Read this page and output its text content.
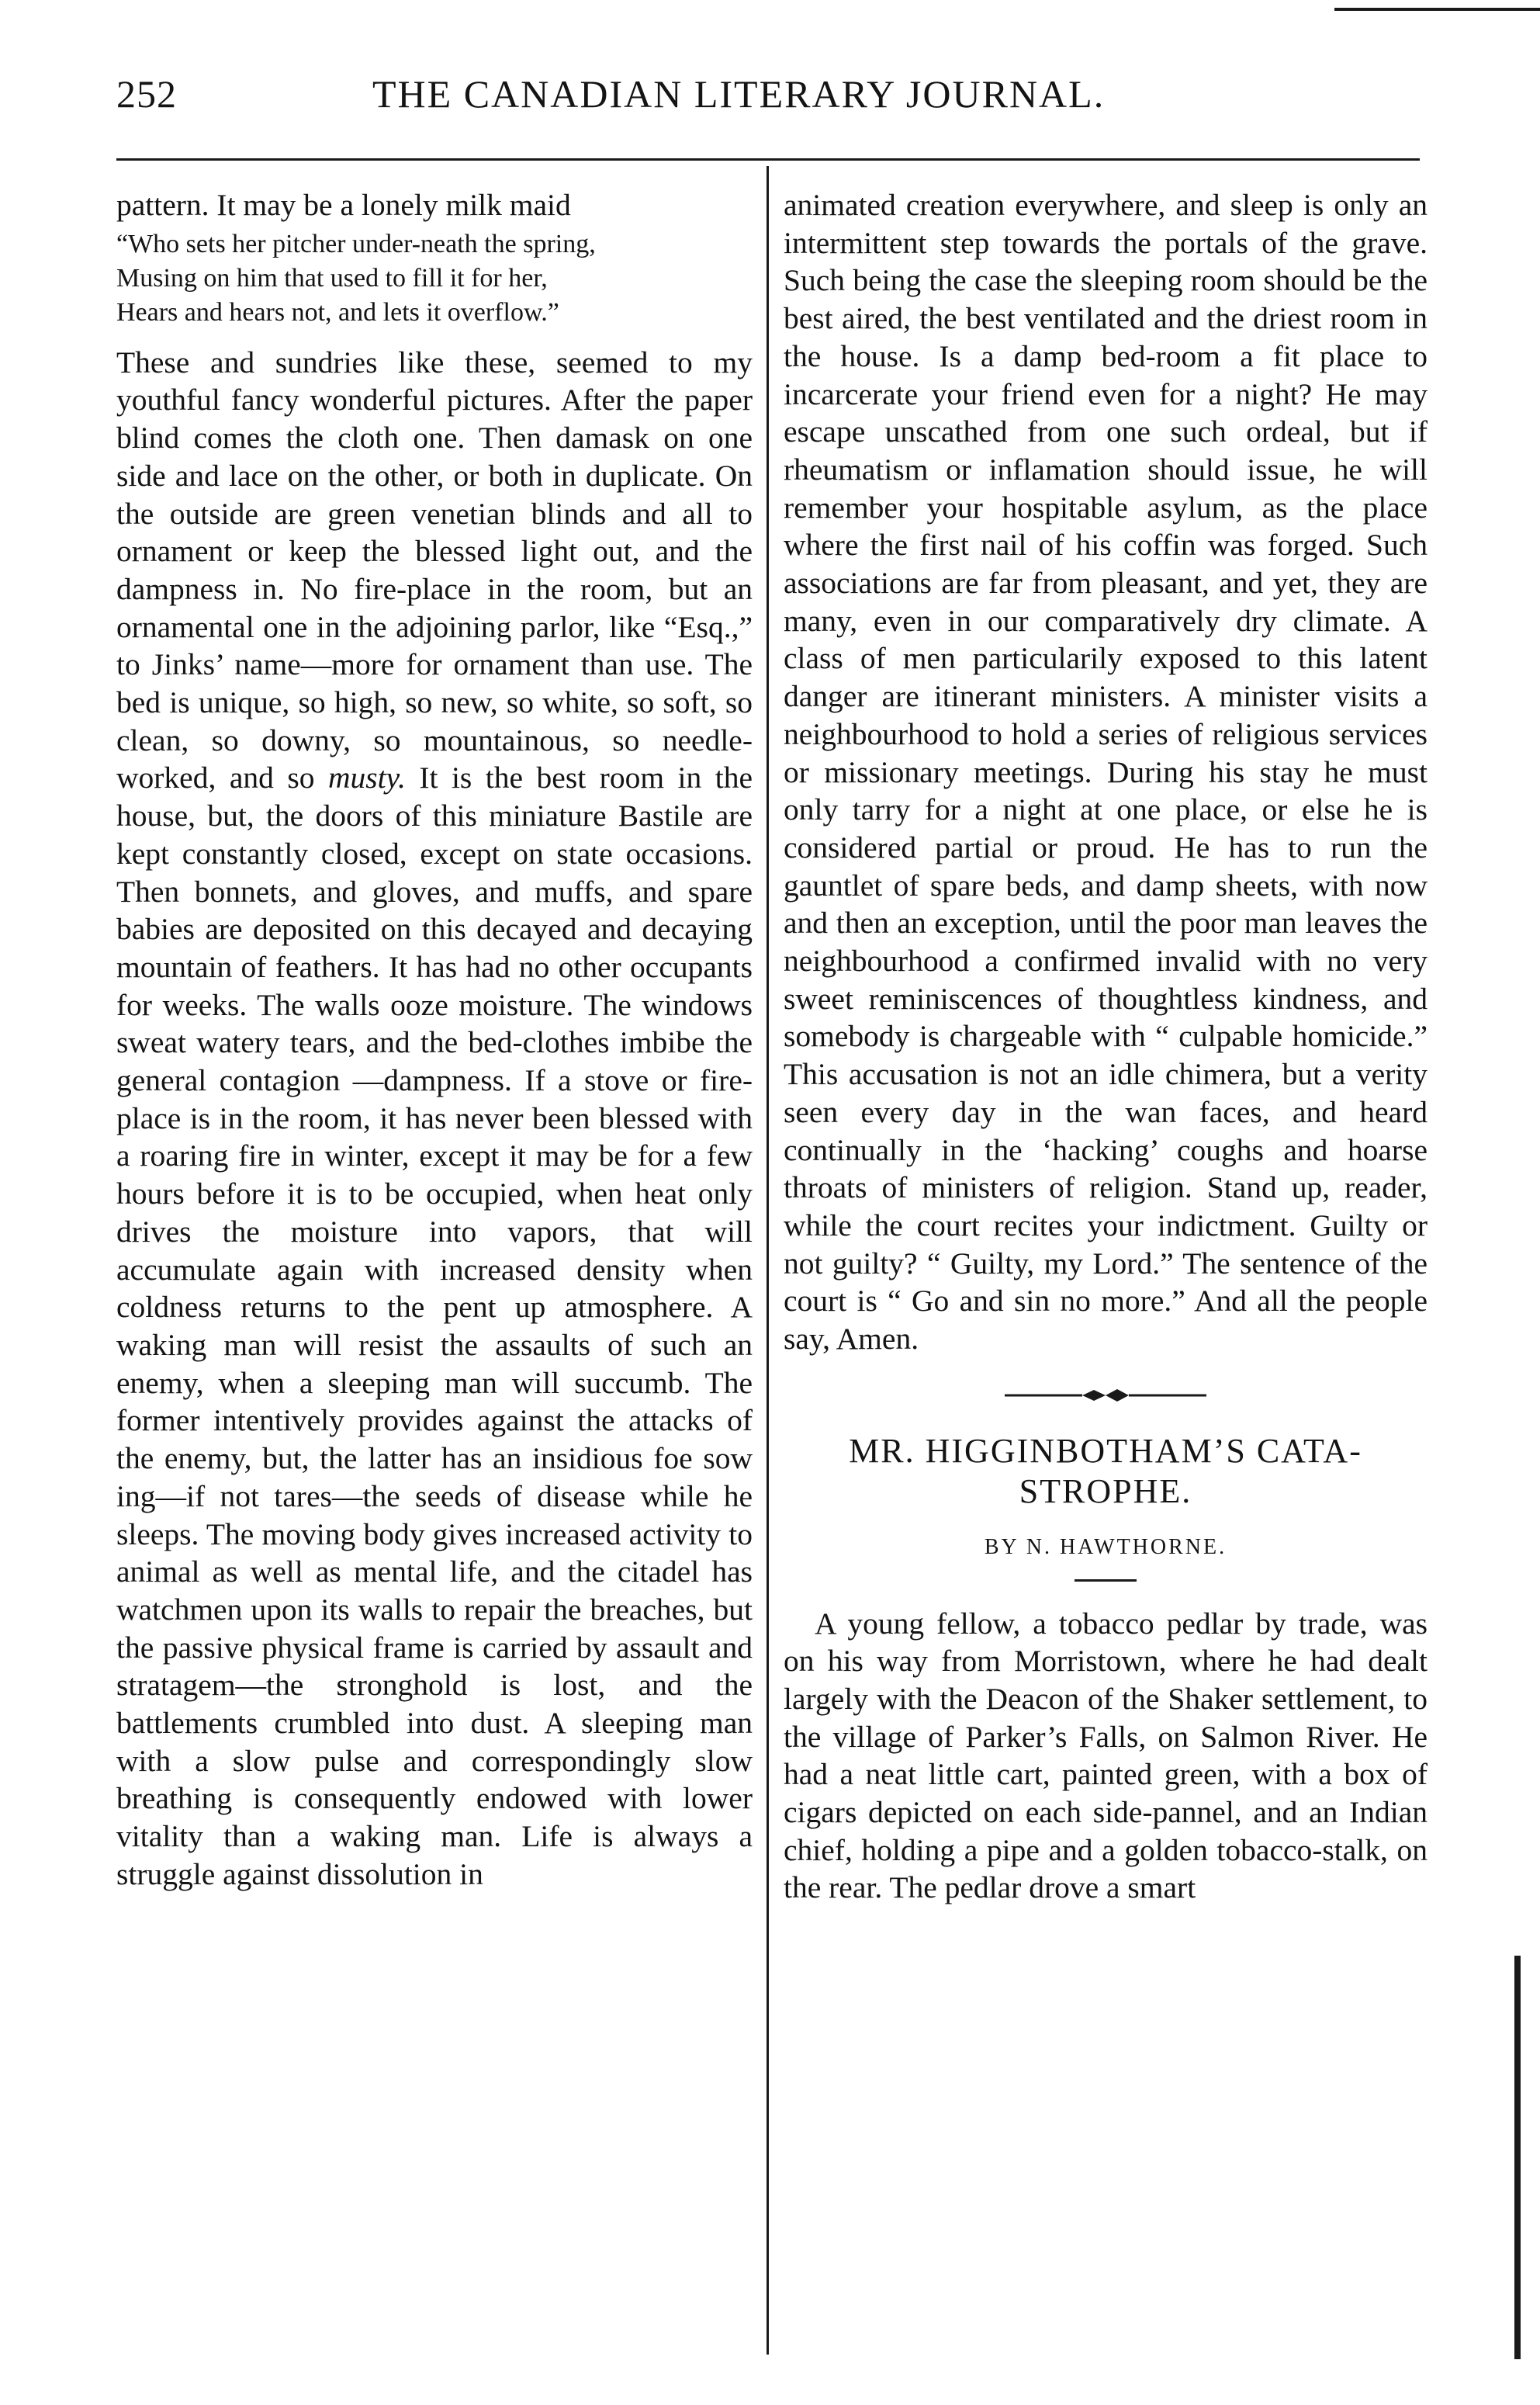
252	THE CANADIAN LITERARY JOURNAL.

pattern. It may be a lonely milk maid

“Who sets her pitcher under-neath the spring,
Musing on him that used to fill it for her,
Hears and hears not, and lets it overflow.”

These and sundries like these, seemed to my youthful fancy wonderful pictures. After the paper blind comes the cloth one. Then damask on one side and lace on the other, or both in duplicate. On the outside are green venetian blinds and all to ornament or keep the blessed light out, and the dampness in. No fire-place in the room, but an ornamental one in the adjoining parlor, like “Esq.,” to Jinks’ name—more for ornament than use. The bed is unique, so high, so new, so white, so soft, so clean, so downy, so mountainous, so needle-worked, and so musty. It is the best room in the house, but, the doors of this miniature Bastile are kept constantly closed, except on state occasions. Then bonnets, and gloves, and muffs, and spare babies are deposited on this decayed and decaying mountain of feathers. It has had no other occupants for weeks. The walls ooze moisture. The windows sweat watery tears, and the bed-clothes imbibe the general contagion —dampness. If a stove or fire-place is in the room, it has never been blessed with a roaring fire in winter, except it may be for a few hours before it is to be occupied, when heat only drives the moisture into vapors, that will accumulate again with increased density when coldness returns to the pent up atmosphere. A waking man will resist the assaults of such an enemy, when a sleeping man will succumb. The former intentively provides against the attacks of the enemy, but, the latter has an insidious foe sow ing—if not tares—the seeds of disease while he sleeps. The moving body gives increased activity to animal as well as mental life, and the citadel has watchmen upon its walls to repair the breaches, but the passive physical frame is carried by assault and stratagem—the stronghold is lost, and the battlements crumbled into dust. A sleeping man with a slow pulse and correspondingly slow breathing is consequently endowed with lower vitality than a waking man. Life is always a struggle against dissolution in

animated creation everywhere, and sleep is only an intermittent step towards the portals of the grave. Such being the case the sleeping room should be the best aired, the best ventilated and the driest room in the house. Is a damp bed-room a fit place to incarcerate your friend even for a night? He may escape unscathed from one such ordeal, but if rheumatism or inflamation should issue, he will remember your hospitable asylum, as the place where the first nail of his coffin was forged. Such associations are far from pleasant, and yet, they are many, even in our comparatively dry climate. A class of men particularily exposed to this latent danger are itinerant ministers. A minister visits a neighbourhood to hold a series of religious services or missionary meetings. During his stay he must only tarry for a night at one place, or else he is considered partial or proud. He has to run the gauntlet of spare beds, and damp sheets, with now and then an exception, until the poor man leaves the neighbourhood a confirmed invalid with no very sweet reminiscences of thoughtless kindness, and somebody is chargeable with “ culpable homicide.” This accusation is not an idle chimera, but a verity seen every day in the wan faces, and heard continually in the ‘hacking’ coughs and hoarse throats of ministers of religion. Stand up, reader, while the court recites your indictment. Guilty or not guilty? “ Guilty, my Lord.” The sentence of the court is “ Go and sin no more.” And all the people say, Amen.

MR. HIGGINBOTHAM’S CATA-
STROPHE.
BY N. HAWTHORNE.

A young fellow, a tobacco pedlar by trade, was on his way from Morristown, where he had dealt largely with the Deacon of the Shaker settlement, to the village of Parker’s Falls, on Salmon River. He had a neat little cart, painted green, with a box of cigars depicted on each side-pannel, and an Indian chief, holding a pipe and a golden tobacco-stalk, on the rear. The pedlar drove a smart
